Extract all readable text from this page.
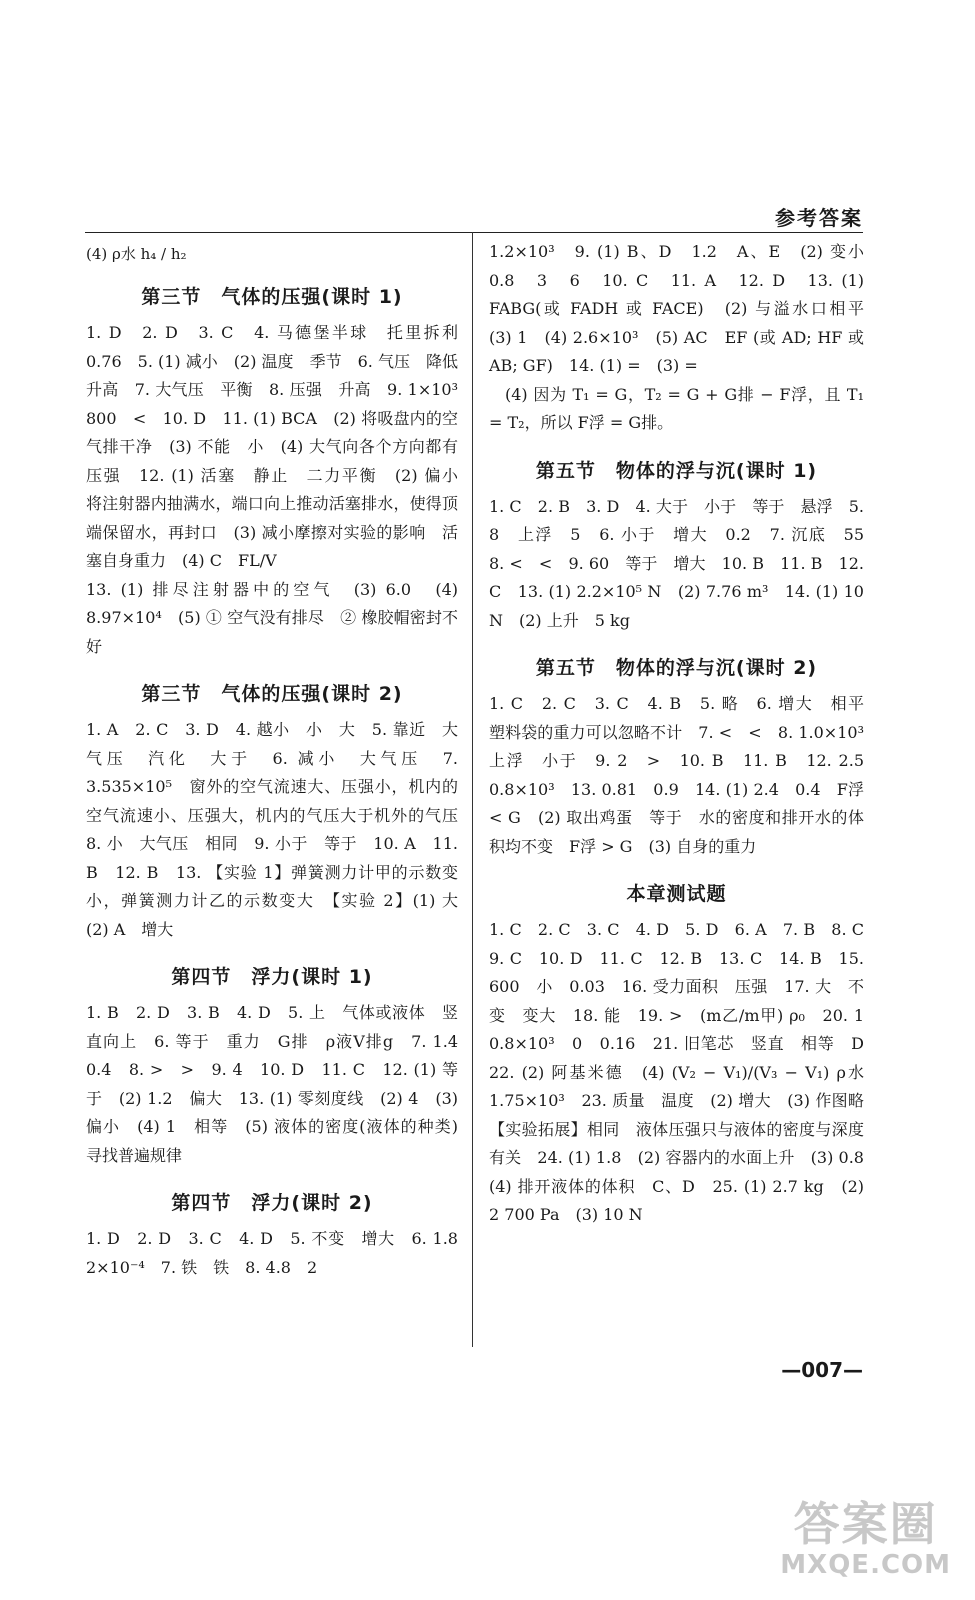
参考答案
(4) ρ水 h₄ / h₂
第三节　气体的压强(课时 1)

1. D　2. D　3. C　4. 马德堡半球　托里拆利　0.76　5. (1) 减小　(2) 温度　季节　6. 气压　降低　升高　7. 大气压　平衡　8. 压强　升高　9. 1×10³　800　<　10. D　11. (1) BCA　(2) 将吸盘内的空气排干净　(3) 不能　小　(4) 大气向各个方向都有压强　12. (1) 活塞　静止　二力平衡　(2) 偏小　将注射器内抽满水，端口向上推动活塞排水，使得顶端保留水，再封口　(3) 减小摩擦对实验的影响　活塞自身重力　(4) C　FL/V

13. (1) 排尽注射器中的空气　(3) 6.0　(4) 8.97×10⁴　(5) ① 空气没有排尽　② 橡胶帽密封不好

第三节　气体的压强(课时 2)

1. A　2. C　3. D　4. 越小　小　大　5. 靠近　大气压　汽化　大于　6. 减小　大气压　7. 3.535×10⁵　窗外的空气流速大、压强小，机内的空气流速小、压强大，机内的气压大于机外的气压　8. 小　大气压　相同　9. 小于　等于　10. A　11. B　12. B　13. 【实验 1】弹簧测力计甲的示数变小，弹簧测力计乙的示数变大　【实验 2】(1) 大　(2) A　增大

第四节　浮力(课时 1)

1. B　2. D　3. B　4. D　5. 上　气体或液体　竖直向上　6. 等于　重力　G排　ρ液V排g　7. 1.4　0.4　8. >　>　9. 4　10. D　11. C　12. (1) 等于　(2) 1.2　偏大　13. (1) 零刻度线　(2) 4　(3) 偏小　(4) 1　相等　(5) 液体的密度(液体的种类)　寻找普遍规律

第四节　浮力(课时 2)

1. D　2. D　3. C　4. D　5. 不变　增大　6. 1.8　2×10⁻⁴　7. 铁　铁　8. 4.8　2

1.2×10³　9. (1) B、D　1.2　A、E　(2) 变小　0.8　3　6　10. C　11. A　12. D　13. (1) FABG(或 FADH 或 FACE)　(2) 与溢水口相平　(3) 1　(4) 2.6×10³　(5) AC　EF (或 AD; HF 或 AB; GF)　14. (1) =　(3) =

(4) 因为 T₁ = G，T₂ = G + G排 − F浮，且 T₁ = T₂，所以 F浮 = G排。

第五节　物体的浮与沉(课时 1)

1. C　2. B　3. D　4. 大于　小于　等于　悬浮　5. 8　上浮　5　6. 小于　增大　0.2　7. 沉底　55　8. <　<　9. 60　等于　增大　10. B　11. B　12. C　13. (1) 2.2×10⁵ N　(2) 7.76 m³　14. (1) 10 N　(2) 上升　5 kg

第五节　物体的浮与沉(课时 2)

1. C　2. C　3. C　4. B　5. 略　6. 增大　相平　塑料袋的重力可以忽略不计　7. <　<　8. 1.0×10³　上浮　小于　9. 2　>　10. B　11. B　12. 2.5　0.8×10³　13. 0.81　0.9　14. (1) 2.4　0.4　F浮 < G　(2) 取出鸡蛋　等于　水的密度和排开水的体积均不变　F浮 > G　(3) 自身的重力

本章测试题

1. C　2. C　3. C　4. D　5. D　6. A　7. B　8. C　9. C　10. D　11. C　12. B　13. C　14. B　15. 600　小　0.03　16. 受力面积　压强　17. 大　不变　变大　18. 能　19. >　(m乙/m甲) ρ₀　20. 1　0.8×10³　0　0.16　21. 旧笔芯　竖直　相等　D　22. (2) 阿基米德　(4) (V₂ − V₁)/(V₃ − V₁) ρ水　1.75×10³　23. 质量　温度　(2) 增大　(3) 作图略　【实验拓展】相同　液体压强只与液体的密度与深度有关　24. (1) 1.8　(2) 容器内的水面上升　(3) 0.8　(4) 排开液体的体积　C、D　25. (1) 2.7 kg　(2) 2 700 Pa　(3) 10 N

—007—
答案圈
MXQE.COM
